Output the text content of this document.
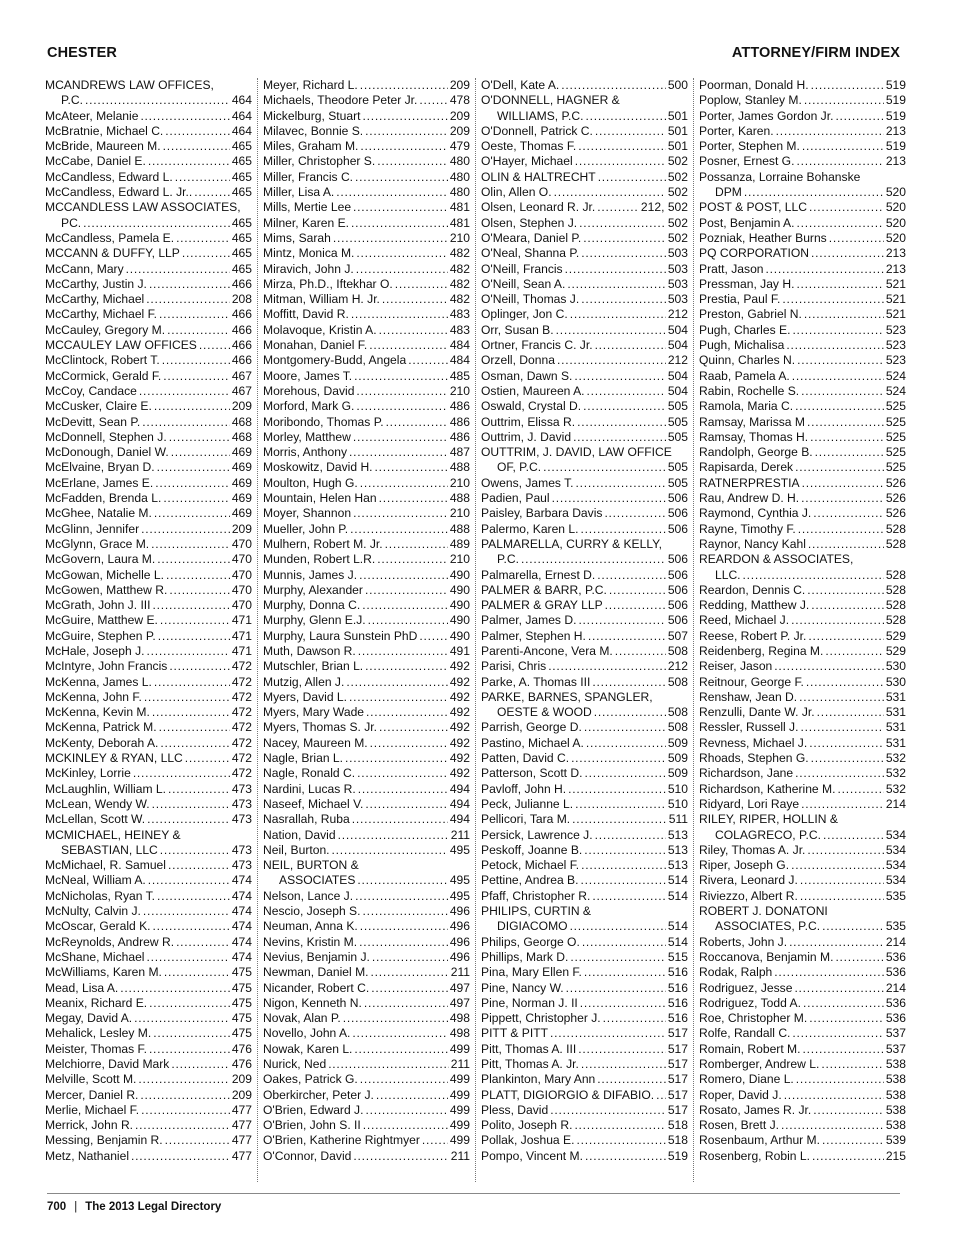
CHESTER	ATTORNEY/FIRM INDEX
MCANDREWS LAW OFFICES,
P.C. . . .	464
McAteer, Melanie . . .	464
McBratnie, Michael C. . . .	464
McBride, Maureen M. . . .	465
McCabe, Daniel E. . . .	465
McCandless, Edward L. . . .	465
McCandless, Edward L. Jr.. . . .	465
MCCANDLESS LAW ASSOCIATES,
PC. . . .	465
McCandless, Pamela E. . . .	465
MCCANN & DUFFY, LLP . . .	465
McCann, Mary . . .	465
McCarthy, Justin J. . . .	466
McCarthy, Michael . . .	208
McCarthy, Michael F. . . .	466
McCauley, Gregory M. . . .	466
MCCAULEY LAW OFFICES . . .	466
McClintock, Robert T. . . .	466
McCormick, Gerald F. . . .	467
McCoy, Candace . . .	467
McCusker, Claire E. . . .	209
McDevitt, Sean P. . . .	468
McDonnell, Stephen J. . . .	468
McDonough, Daniel W. . . .	469
McElvaine, Bryan D. . . .	469
McErlane, James E. . . .	469
McFadden, Brenda L. . . .	469
McGhee, Natalie M. . . .	469
McGlinn, Jennifer . . .	209
McGlynn, Grace M. . . .	470
McGovern, Laura M. . . .	470
McGowan, Michelle L. . . .	470
McGowen, Matthew R. . . .	470
McGrath, John J. III . . .	470
McGuire, Matthew E. . . .	471
McGuire, Stephen P. . . .	471
McHale, Joseph J. . . .	471
McIntyre, John Francis . . .	472
McKenna, James L. . . .	472
McKenna, John F. . . .	472
McKenna, Kevin M. . . .	472
McKenna, Patrick M. . . .	472
McKenty, Deborah A. . . .	472
MCKINLEY & RYAN, LLC . . .	472
McKinley, Lorrie . . .	472
McLaughlin, William L. . . .	473
McLean, Wendy W. . . .	473
McLellan, Scott W. . . .	473
MCMICHAEL, HEINEY &
SEBASTIAN, LLC . . .	473
McMichael, R. Samuel . . .	473
McNeal, William A. . . .	474
McNicholas, Ryan T. . . .	474
McNulty, Calvin J. . . .	474
McOscar, Gerald K. . . .	474
McReynolds, Andrew R. . . .	474
McShane, Michael . . .	474
McWilliams, Karen M. . . .	475
Mead, Lisa A. . . .	475
Meanix, Richard E. . . .	475
Megay, David A. . . .	475
Mehalick, Lesley M. . . .	475
Meister, Thomas F. . . .	476
Melchiorre, David Mark . . .	476
Melville, Scott M. . . .	209
Mercer, Daniel R. . . .	209
Merlie, Michael F. . . .	477
Merrick, John R. . . .	477
Messing, Benjamin R. . . .	477
Metz, Nathaniel . . .	477
Meyer, Richard L. . . .	209
Michaels, Theodore Peter Jr. . . .	478
Mickelburg, Stuart . . .	209
Milavec, Bonnie S. . . .	209
Miles, Graham M. . . .	479
Miller, Christopher S. . . .	480
Miller, Francis C. . . .	480
Miller, Lisa A. . . .	480
Mills, Mertie Lee . . .	481
Milner, Karen E. . . .	481
Mims, Sarah . . .	210
Mintz, Monica M. . . .	482
Miravich, John J. . . .	482
Mirza, Ph.D., Iftekhar O. . . .	482
Mitman, William H. Jr. . . .	482
Moffitt, David R. . . .	483
Molavoque, Kristin A. . . .	483
Monahan, Daniel F. . . .	484
Montgomery-Budd, Angela . . .	484
Moore, James T. . . .	485
Morehous, David . . .	210
Morford, Mark G. . . .	486
Moribondo, Thomas P. . . .	486
Morley, Matthew . . .	486
Morris, Anthony . . .	487
Moskowitz, David H. . . .	488
Moulton, Hugh G. . . .	210
Mountain, Helen Han . . .	488
Moyer, Shannon . . .	210
Mueller, John P. . . .	488
Mulhern, Robert M. Jr. . . .	489
Munden, Robert L.R. . . .	210
Munnis, James J. . . .	490
Murphy, Alexander . . .	490
Murphy, Donna C. . . .	490
Murphy, Glenn E.J. . . .	490
Murphy, Laura Sunstein PhD . . .	490
Muth, Dawson R. . . .	491
Mutschler, Brian L. . . .	492
Mutzig, Allen J. . . .	492
Myers, David L. . . .	492
Myers, Mary Wade . . .	492
Myers, Thomas S. Jr. . . .	492
Nacey, Maureen M. . . .	492
Nagle, Brian L. . . .	492
Nagle, Ronald C. . . .	492
Nardini, Lucas R. . . .	494
Naseef, Michael V. . . .	494
Nasrallah, Ruba . . .	494
Nation, David . . .	211
Neil, Burton. . . .	495
NEIL, BURTON &
ASSOCIATES . . .	495
Nelson, Lance J. . . .	495
Nescio, Joseph S. . . .	496
Neuman, Anna K. . . .	496
Nevins, Kristin M. . . .	496
Nevius, Benjamin J. . . .	496
Newman, Daniel M. . . .	211
Nicander, Robert C. . . .	497
Nigon, Kenneth N. . . .	497
Novak, Alan P. . . .	498
Novello, John A. . . .	498
Nowak, Karen L. . . .	499
Nurick, Ned . . .	211
Oakes, Patrick G. . . .	499
Oberkircher, Peter J. . . .	499
O'Brien, Edward J. . . .	499
O'Brien, John S. II . . .	499
O'Brien, Katherine Rightmyer . . . 499
O'Connor, David . . .	211
O'Dell, Kate A. . . .	500
O'DONNELL, HAGNER &
WILLIAMS, P.C. . . .	501
O'Donnell, Patrick C. . . .	501
Oeste, Thomas F. . . .	501
O'Hayer, Michael . . .	502
OLIN & HALTRECHT . . .	502
Olin, Allen O. . . .	502
Olsen, Leonard R. Jr. . . .	212, 502
Olsen, Stephen J. . . .	502
O'Meara, Daniel P. . . .	502
O'Neal, Shanna P. . . .	503
O'Neill, Francis . . .	503
O'Neill, Sean A. . . .	503
O'Neill, Thomas J. . . .	503
Oplinger, Jon C. . . .	212
Orr, Susan B. . . .	504
Ortner, Francis C. Jr. . . .	504
Orzell, Donna . . .	212
Osman, Dawn S. . . .	504
Ostien, Maureen A. . . .	504
Oswald, Crystal D. . . .	505
Outtrim, Elissa R. . . .	505
Outtrim, J. David . . .	505
OUTTRIM, J. DAVID, LAW OFFICE
OF, P.C. . . .	505
Owens, James T. . . .	505
Padien, Paul . . .	506
Paisley, Barbara Davis . . .	506
Palermo, Karen L. . . .	506
PALMARELLA, CURRY & KELLY,
P.C. . . .	506
Palmarella, Ernest D. . . .	506
PALMER & BARR, P.C. . . .	506
PALMER & GRAY LLP . . .	506
Palmer, James D. . . .	506
Palmer, Stephen H. . . .	507
Parenti-Ancone, Vera M. . . .	508
Parisi, Chris . . .	212
Parke, A. Thomas III . . .	508
PARKE, BARNES, SPANGLER,
OESTE & WOOD . . .	508
Parrish, George D. . . .	508
Pastino, Michael A. . . .	509
Patten, David C. . . .	509
Patterson, Scott D. . . .	509
Pavloff, John H. . . .	510
Peck, Julianne L. . . .	510
Pellicori, Tara M. . . .	511
Persick, Lawrence J. . . .	513
Peskoff, Joanne B. . . .	513
Petock, Michael F. . . .	513
Pettine, Andrea B. . . .	514
Pfaff, Christopher R. . . .	514
PHILIPS, CURTIN &
DIGIACOMO . . .	514
Philips, George O. . . .	514
Phillips, Mark D. . . .	515
Pina, Mary Ellen F. . . .	516
Pine, Nancy W. . . .	516
Pine, Norman J. II . . .	516
Pippett, Christopher J. . . .	516
PITT & PITT . . .	517
Pitt, Thomas A. III . . .	517
Pitt, Thomas A. Jr. . . .	517
Plankinton, Mary Ann . . .	517
PLATT, DIGIORGIO & DIFABIO. . . . 517
Pless, David . . .	517
Polito, Joseph R. . . .	518
Pollak, Joshua E. . . .	518
Pompo, Vincent M. . . .	519
Poorman, Donald H. . . .	519
Poplow, Stanley M. . . .	519
Porter, James Gordon Jr. . . .	519
Porter, Karen. . . .	213
Porter, Stephen M. . . .	519
Posner, Ernest G. . . .	213
Possanza, Lorraine Bohanske
DPM . . .	520
POST & POST, LLC . . .	520
Post, Benjamin A. . . .	520
Pozniak, Heather Burns . . .	520
PQ CORPORATION . . .	213
Pratt, Jason . . .	213
Pressman, Jay H. . . .	521
Prestia, Paul F. . . .	521
Preston, Gabriel N. . . .	521
Pugh, Charles E. . . .	523
Pugh, Michalisa . . .	523
Quinn, Charles N. . . .	523
Raab, Pamela A. . . .	524
Rabin, Rochelle S. . . .	524
Ramola, Maria C. . . .	525
Ramsay, Marissa M . . .	525
Ramsay, Thomas H. . . .	525
Randolph, George B. . . .	525
Rapisarda, Derek . . .	525
RATNERPRESTIA . . .	526
Rau, Andrew D. H. . . .	526
Raymond, Cynthia J. . . .	526
Rayne, Timothy F. . . .	528
Raynor, Nancy Kahl . . .	528
REARDON & ASSOCIATES,
LLC. . . .	528
Reardon, Dennis C. . . .	528
Redding, Matthew J. . . .	528
Reed, Michael J. . . .	528
Reese, Robert P. Jr. . . .	529
Reidenberg, Regina M. . . .	529
Reiser, Jason . . .	530
Reitnour, George F. . . .	530
Renshaw, Jean D. . . .	531
Renzulli, Dante W. Jr. . . .	531
Ressler, Russell J. . . .	531
Revness, Michael J. . . .	531
Rhoads, Stephen G. . . .	532
Richardson, Jane . . .	532
Richardson, Katherine M. . . .	532
Ridyard, Lori Raye . . .	214
RILEY, RIPER, HOLLIN &
COLAGRECO, P.C. . . .	534
Riley, Thomas A. Jr. . . .	534
Riper, Joseph G. . . .	534
Rivera, Leonard J. . . .	534
Riviezzo, Albert R. . . .	535
ROBERT J. DONATONI
ASSOCIATES, P.C. . . .	535
Roberts, John J. . . .	214
Roccanova, Benjamin M. . . .	536
Rodak, Ralph . . .	536
Rodriguez, Jesse . . .	214
Rodriguez, Todd A. . . .	536
Roe, Christopher M. . . .	536
Rolfe, Randall C. . . .	537
Romain, Robert M. . . .	537
Romberger, Andrew L. . . .	538
Romero, Diane L. . . .	538
Roper, David J. . . .	538
Rosato, James R. Jr. . . .	538
Rosen, Brett J. . . .	538
Rosenbaum, Arthur M. . . .	539
Rosenberg, Robin L. . . .	215
700 | The 2013 Legal Directory
